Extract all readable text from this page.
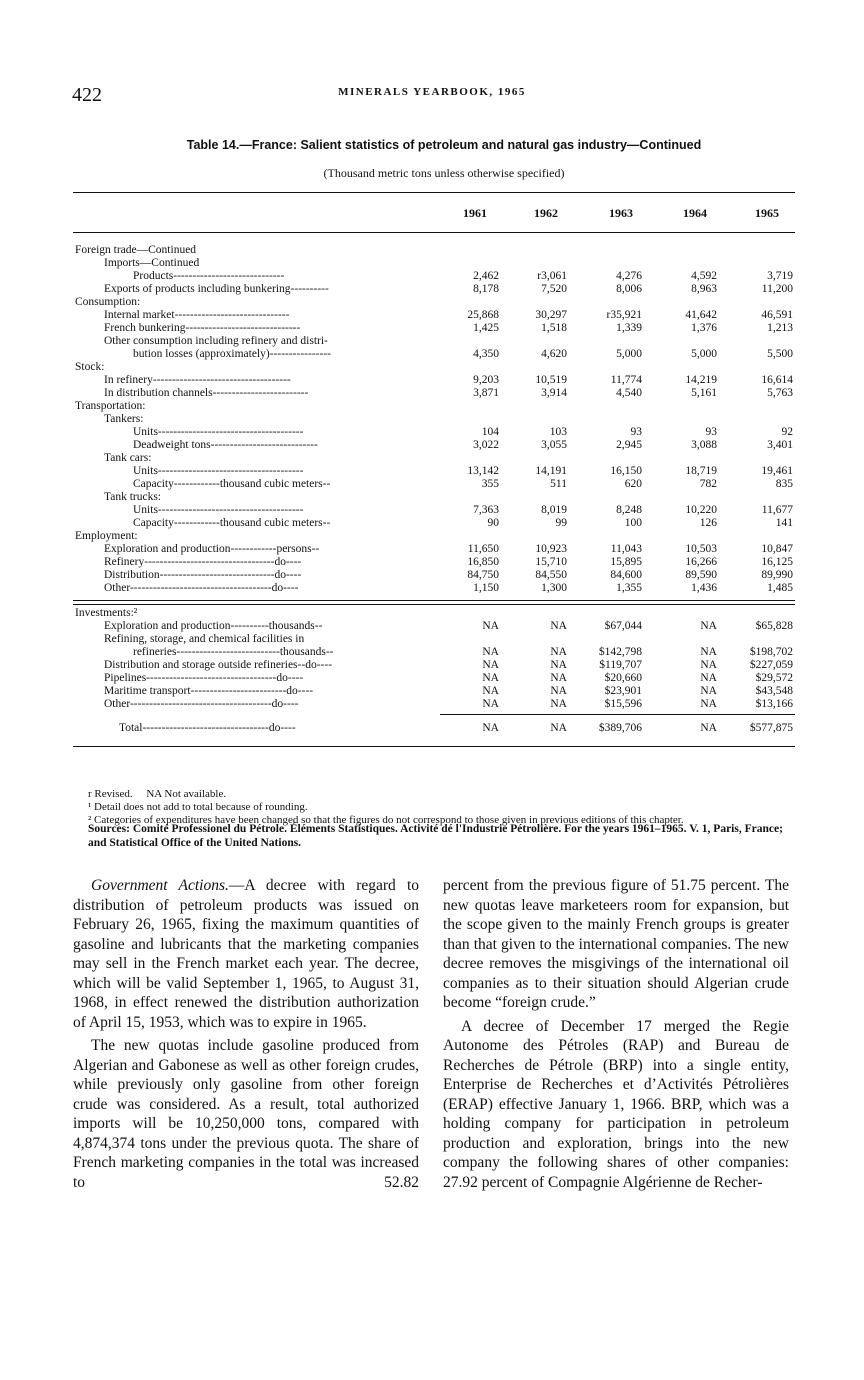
422	MINERALS YEARBOOK, 1965
Table 14.—France: Salient statistics of petroleum and natural gas industry—Continued
(Thousand metric tons unless otherwise specified)
1961	1962	1963	1964	1965
Foreign trade—Continued
Imports—Continued
Products-----------------------------	2,462	r3,061	4,276	4,592	3,719
Exports of products including bunkering----------	8,178	7,520	8,006	8,963	11,200
Consumption:
Internal market------------------------------	25,868	30,297	r35,921	41,642	46,591
French bunkering------------------------------	1,425	1,518	1,339	1,376	1,213
Other consumption including refinery and distri-
bution losses (approximately)----------------	4,350	4,620	5,000	5,000	5,500
Stock:
In refinery------------------------------------	9,203	10,519	11,774	14,219	16,614
In distribution channels-------------------------	3,871	3,914	4,540	5,161	5,763
Transportation:
Tankers:
Units--------------------------------------	104	103	93	93	92
Deadweight tons----------------------------	3,022	3,055	2,945	3,088	3,401
Tank cars:
Units--------------------------------------	13,142	14,191	16,150	18,719	19,461
Capacity------------thousand cubic meters--	355	511	620	782	835
Tank trucks:
Units--------------------------------------	7,363	8,019	8,248	10,220	11,677
Capacity------------thousand cubic meters--	90	99	100	126	141
Employment:
Exploration and production------------persons--	11,650	10,923	11,043	10,503	10,847
Refinery----------------------------------do----	16,850	15,710	15,895	16,266	16,125
Distribution------------------------------do----	84,750	84,550	84,600	89,590	89,990
Other-------------------------------------do----	1,150	1,300	1,355	1,436	1,485
Investments:²
Exploration and production----------thousands--	NA	NA	$67,044	NA	$65,828
Refining, storage, and chemical facilities in
refineries---------------------------thousands--	NA	NA	$142,798	NA	$198,702
Distribution and storage outside refineries--do----	NA	NA	$119,707	NA	$227,059
Pipelines----------------------------------do----	NA	NA	$20,660	NA	$29,572
Maritime transport-------------------------do----	NA	NA	$23,901	NA	$43,548
Other-------------------------------------do----	NA	NA	$15,596	NA	$13,166
Total---------------------------------do----	NA	NA	$389,706	NA	$577,875
r Revised.     NA Not available.
¹ Detail does not add to total because of rounding.
² Categories of expenditures have been changed so that the figures do not correspond to those given in previous editions of this chapter.
Sources: Comité Professionel du Pétrole. Éléments Statistiques. Activité dé l'Industrie Pétrolière. For the years 1961–1965. V. 1, Paris, France; and Statistical Office of the United Nations.

Government Actions.—A decree with regard to distribution of petroleum products was issued on February 26, 1965, fixing the maximum quantities of gasoline and lubricants that the marketing companies may sell in the French market each year. The decree, which will be valid September 1, 1965, to August 31, 1968, in effect renewed the distribution authorization of April 15, 1953, which was to expire in 1965.

The new quotas include gasoline produced from Algerian and Gabonese as well as other foreign crudes, while previously only gasoline from other foreign crude was considered. As a result, total authorized imports will be 10,250,000 tons, compared with 4,874,374 tons under the previous quota. The share of French marketing companies in the total was increased to 52.82

percent from the previous figure of 51.75 percent. The new quotas leave marketeers room for expansion, but the scope given to the mainly French groups is greater than that given to the international companies. The new decree removes the misgivings of the international oil companies as to their situation should Algerian crude become “foreign crude.”

A decree of December 17 merged the Regie Autonome des Pétroles (RAP) and Bureau de Recherches de Pétrole (BRP) into a single entity, Enterprise de Recherches et d’Activités Pétrolières (ERAP) effective January 1, 1966. BRP, which was a holding company for participation in petroleum production and exploration, brings into the new company the following shares of other companies: 27.92 percent of Compagnie Algérienne de Recher-
